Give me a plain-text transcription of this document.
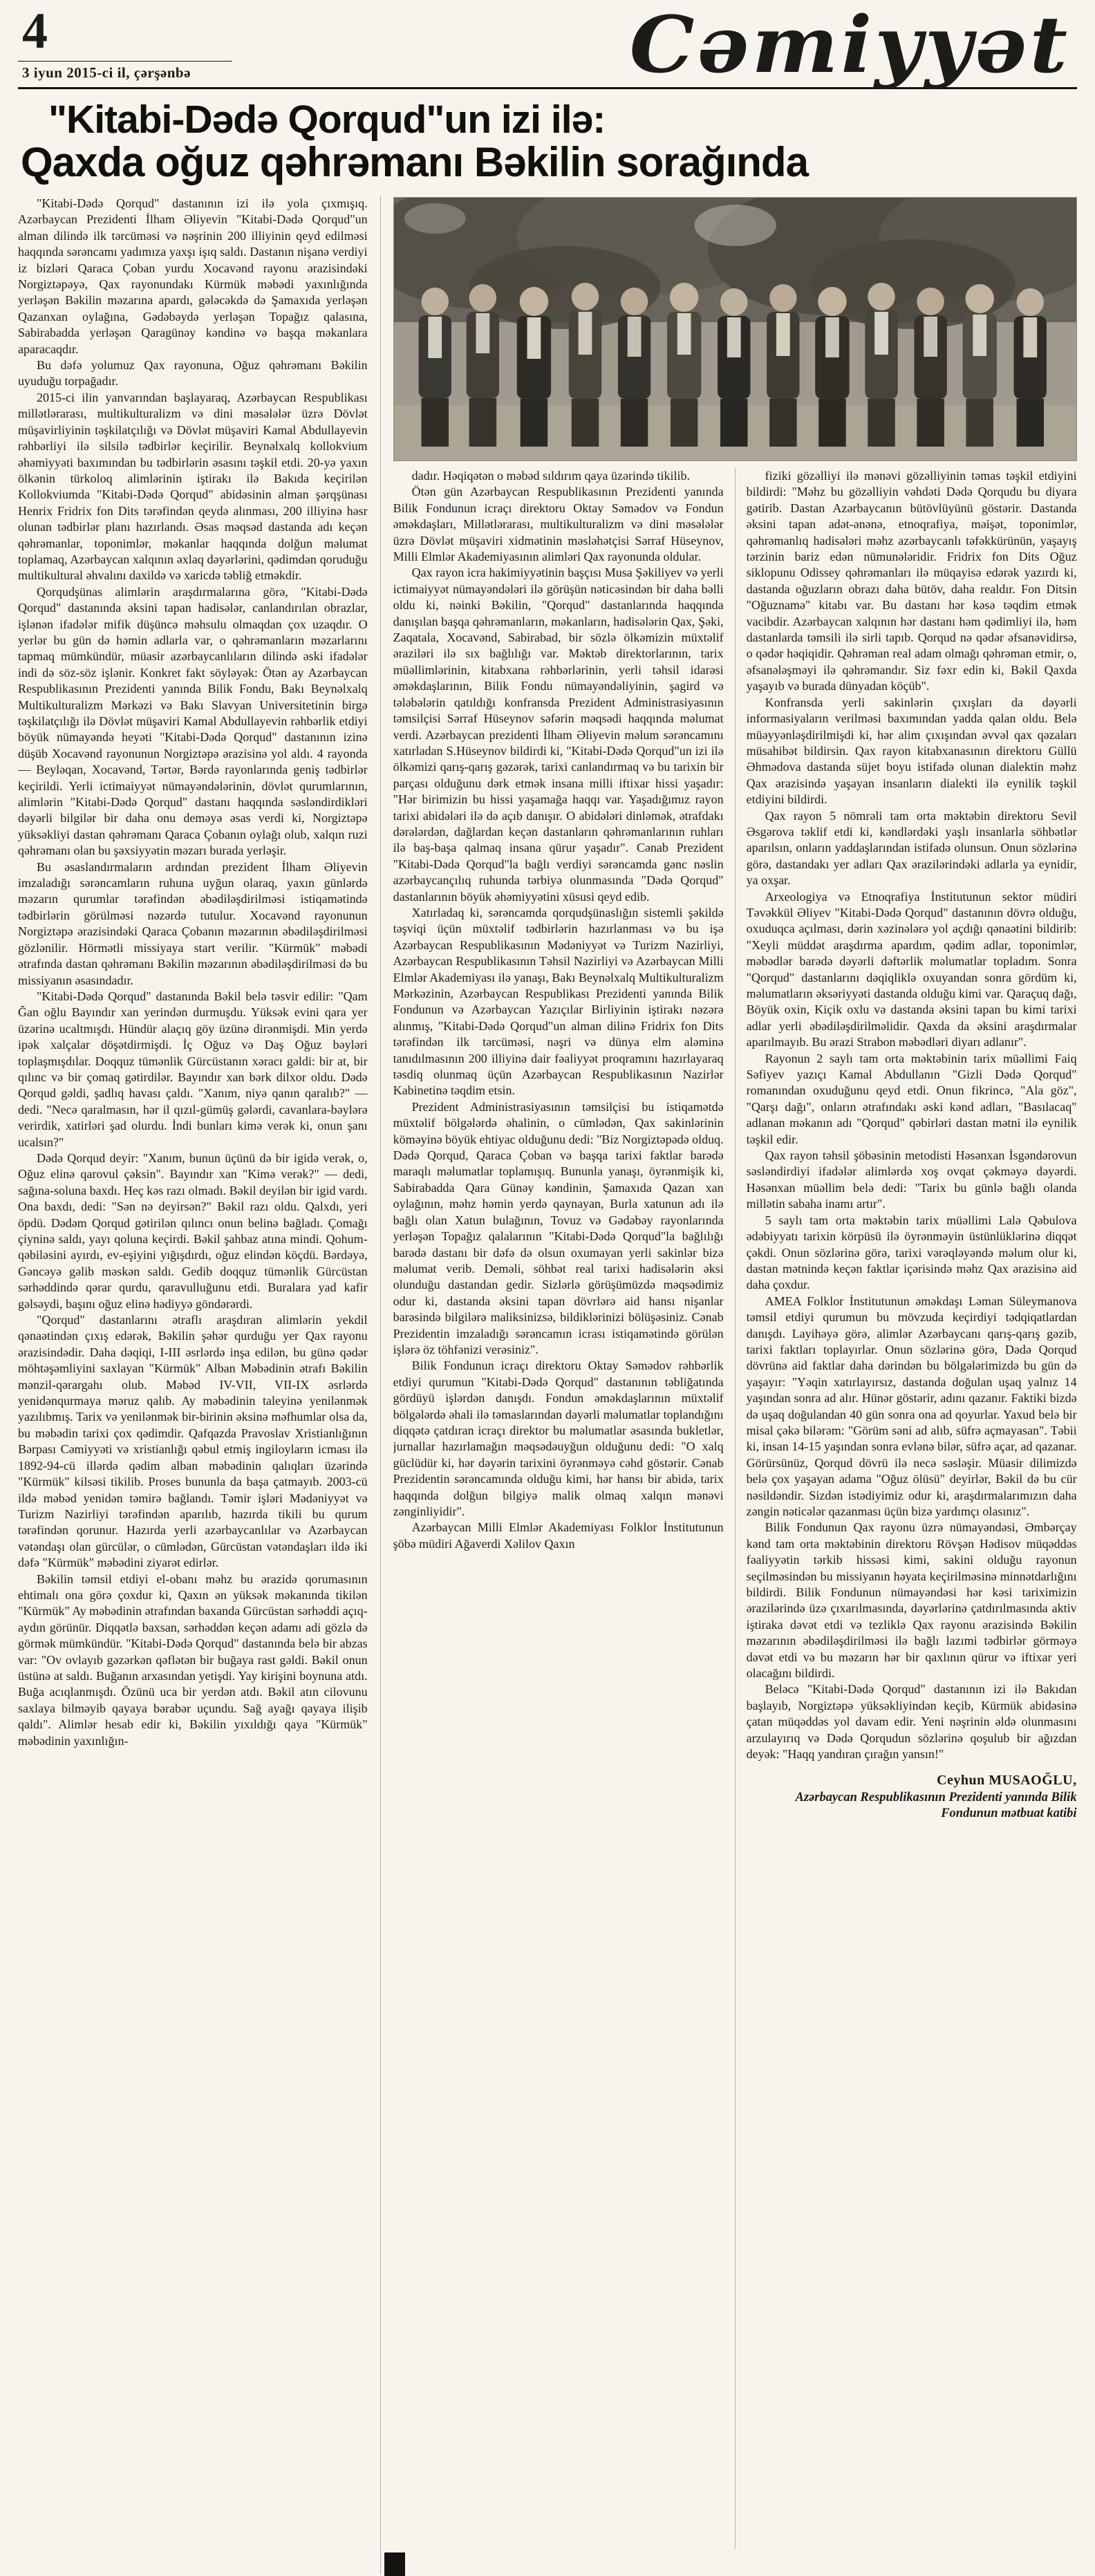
4
3 iyun 2015-ci il, çərşənbə	Cəmiyyət
"Kitabi-Dədə Qorqud"un izi ilə:
Qaxda oğuz qəhrəmanı Bəkilin sorağında

"Kitabi-Dədə Qorqud" dastanının izi ilə yola çıxmışıq. Azərbaycan Prezidenti İlham Əliyevin "Kitabi-Dədə Qorqud"un alman dilində ilk tərcüməsi və nəşrinin 200 illiyinin qeyd edilməsi haqqında sərəncamı yadımıza yaxşı işıq saldı. Dastanın nişanə verdiyi iz bizləri Qaraca Çoban yurdu Xocavənd rayonu ərazisindəki Norgiztəpəyə, Qax rayonundakı Kürmük məbədi yaxınlığında yerləşən Bəkilin məzarına apardı, gələcəkdə də Şamaxıda yerləşən Qazanxan oylağına, Gədəbəydə yerləşən Topağız qalasına, Sabirabadda yerləşən Qaragünəy kəndinə və başqa məkanlara aparacaqdır.

Bu dəfə yolumuz Qax rayonuna, Oğuz qəhrəmanı Bəkilin uyuduğu torpağadır.

2015-ci ilin yanvarından başlayaraq, Azərbaycan Respublikası millətlərarası, multikulturalizm və dini məsələlər üzrə Dövlət müşavirliyinin təşkilatçılığı və Dövlət müşaviri Kamal Abdullayevin rəhbərliyi ilə silsilə tədbirlər keçirilir. Beynəlxalq kollokvium əhəmiyyəti baxımından bu tədbirlərin əsasını təşkil etdi. 20-yə yaxın ölkənin türkoloq alimlərinin iştirakı ilə Bakıda keçirilən Kollokviumda "Kitabi-Dədə Qorqud" abidəsinin alman şərqşünası Henrix Fridrix fon Dits tərəfindən qeydə alınması, 200 illiyinə həsr olunan tədbirlər planı hazırlandı. Əsas məqsəd dastanda adı keçən qəhrəmanlar, toponimlər, məkanlar haqqında dolğun məlumat toplamaq, Azərbaycan xalqının əxlaq dəyərlərini, qədimdən qoruduğu multikultural əhvalını daxildə və xaricdə təbliğ etməkdir.

Qorqudşünas alimlərin araşdırmalarına görə, "Kitabi-Dədə Qorqud" dastanında əksini tapan hadisələr, canlandırılan obrazlar, işlənən ifadələr mifik düşüncə məhsulu olmaqdan çox uzaqdır. O yerlər bu gün də həmin adlarla var, o qəhrəmanların məzarlarını tapmaq mümkündür, müasir azərbaycanlıların dilində əski ifadələr indi də söz-söz işlənir. Konkret fakt söyləyək: Ötən ay Azərbaycan Respublikasının Prezidenti yanında Bilik Fondu, Bakı Beynəlxalq Multikulturalizm Mərkəzi və Bakı Slavyan Universitetinin birgə təşkilatçılığı ilə Dövlət müşaviri Kamal Abdullayevin rəhbərlik etdiyi böyük nümayəndə heyəti "Kitabi-Dədə Qorqud" dastanının izinə düşüb Xocavənd rayonunun Norgiztəpə ərazisinə yol aldı. 4 rayonda — Beyləqan, Xocavənd, Tərtər, Bərdə rayonlarında geniş tədbirlər keçirildi. Yerli ictimaiyyət nümayəndələrinin, dövlət qurumlarının, alimlərin "Kitabi-Dədə Qorqud" dastanı haqqında səsləndirdikləri dəyərli bilgilər bir daha onu deməyə əsas verdi ki, Norgiztəpə yüksəkliyi dastan qəhrəmanı Qaraca Çobanın oylağı olub, xalqın ruzi qəhrəmanı olan bu şəxsiyyətin məzarı burada yerləşir.

Bu əsaslandırmaların ardından prezident İlham Əliyevin imzaladığı sərəncamların ruhuna uyğun olaraq, yaxın günlərdə məzarın qurumlar tərəfindən əbədiləşdirilməsi istiqamətində tədbirlərin görülməsi nəzərdə tutulur. Xocavənd rayonunun Norgiztəpə ərazisindəki Qaraca Çobanın məzarının əbədiləşdirilməsi gözlənilir. Hörmətli missiyaya start verilir. "Kürmük" məbədi ətrafında dastan qəhrəmanı Bəkilin məzarının əbədiləşdirilməsi də bu missiyanın əsasındadır.

"Kitabi-Dədə Qorqud" dastanında Bəkil belə təsvir edilir: "Qam Ğan oğlu Bayındır xan yerindən durmuşdu. Yüksək evini qara yer üzərinə ucaltmışdı. Hündür alaçıq göy üzünə dirənmişdi. Min yerdə ipək xalçalar döşətdirmişdi. İç Oğuz və Daş Oğuz bəyləri toplaşmışdılar. Doqquz tümənlik Gürcüstanın xəracı gəldi: bir at, bir qılınc və bir çomaq gətirdilər. Bayındır xan bərk dilxor oldu. Dədə Qorqud gəldi, şadlıq havası çaldı. "Xanım, niyə qanın qaralıb?" — dedi. "Necə qaralmasın, hər il qızıl-gümüş gələrdi, cavanlara-bəylərə verirdik, xatirləri şad olurdu. İndi bunları kimə verək ki, onun şanı ucalsın?"

Dədə Qorqud deyir: "Xanım, bunun üçünü də bir igidə verək, o, Oğuz elinə qarovul çəksin". Bayındır xan "Kimə verək?" — dedi, sağına-soluna baxdı. Heç kəs razı olmadı. Bəkil deyilən bir igid vardı. Ona baxdı, dedi: "Sən nə deyirsən?" Bəkil razı oldu. Qalxdı, yeri öpdü. Dədəm Qorqud gətirilən qılıncı onun belinə bağladı. Çomağı çiyninə saldı, yayı qoluna keçirdi. Bəkil şahbaz atına mindi. Qohum-qəbiləsini ayırdı, ev-eşiyini yığışdırdı, oğuz elindən köçdü. Bərdəyə, Gəncəyə gəlib məskən saldı. Gedib doqquz tümənlik Gürcüstan sərhəddində qərar qurdu, qaravulluğunu etdi. Buralara yad kafir gəlsəydi, başını oğuz elinə hədiyyə göndərərdi.

"Qorqud" dastanlarını ətraflı araşdıran alimlərin yekdil qənaətindən çıxış edərək, Bəkilin şəhər qurduğu yer Qax rayonu ərazisindədir. Daha dəqiqi, I-III əsrlərdə inşa edilən, bu günə qədər möhtəşəmliyini saxlayan "Kürmük" Alban Məbədinin ətrafı Bəkilin mənzil-qərargahı olub. Məbəd IV-VII, VII-IX əsrlərdə yenidənqurmaya məruz qalıb. Ay məbədinin taleyinə yenilənmək yazılıbmış. Tarix və yenilənmək bir-birinin əksinə məfhumlar olsa da, bu məbədin tarixi çox qədimdir. Qafqazda Pravoslav Xristianlığının Bərpası Cəmiyyəti və xristianlığı qəbul etmiş ingiloyların icması ilə 1892-94-cü illərdə qədim alban məbədinin qalıqları üzərində "Kürmük" kilsəsi tikilib. Proses bununla da başa çatmayıb. 2003-cü ildə məbəd yenidən təmirə bağlandı. Təmir işləri Mədəniyyət və Turizm Nazirliyi tərəfindən aparılıb, hazırda tikili bu qurum tərəfindən qorunur. Hazırda yerli azərbaycanlılar və Azərbaycan vətəndaşı olan gürcülər, o cümlədən, Gürcüstan vətəndaşları ildə iki dəfə "Kürmük" məbədini ziyarət edirlər.

Bəkilin təmsil etdiyi el-obanı məhz bu ərazidə qorumasının ehtimalı ona görə çoxdur ki, Qaxın ən yüksək məkanında tikilən "Kürmük" Ay məbədinin ətrafından baxanda Gürcüstan sərhəddi açıq-aydın görünür. Diqqətlə baxsan, sərhəddən keçən adamı adi gözlə də görmək mümkündür. "Kitabi-Dədə Qorqud" dastanında belə bir abzas var: "Ov ovlayıb gəzərkən qəflətən bir buğaya rast gəldi. Bəkil onun üstünə at saldı. Buğanın arxasından yetişdi. Yay kirişini boynuna atdı. Buğa acıqlanmışdı. Özünü uca bir yerdən atdı. Bəkil atın cilovunu saxlaya bilməyib qayaya bərabər uçundu. Sağ ayağı qayaya ilişib qaldı". Alimlər hesab edir ki, Bəkilin yıxıldığı qaya "Kürmük" məbədinin yaxınlığın-

dadır. Həqiqətən o məbəd sıldırım qaya üzərində tikilib.

Ötən gün Azərbaycan Respublikasının Prezidenti yanında Bilik Fondunun icraçı direktoru Oktay Səmədov və Fondun əməkdaşları, Millətlərarası, multikulturalizm və dini məsələlər üzrə Dövlət müşaviri xidmətinin məsləhətçisi Sərraf Hüseynov, Milli Elmlər Akademiyasının alimləri Qax rayonunda oldular.

Qax rayon icra hakimiyyətinin başçısı Musa Şəkiliyev və yerli ictimaiyyət nümayəndələri ilə görüşün nəticəsindən bir daha bəlli oldu ki, nəinki Bəkilin, "Qorqud" dastanlarında haqqında danışılan başqa qəhrəmanların, məkanların, hadisələrin Qax, Şəki, Zaqatala, Xocavənd, Sabirabad, bir sözlə ölkəmizin müxtəlif əraziləri ilə sıx bağlılığı var. Məktəb direktorlarının, tarix müəllimlərinin, kitabxana rəhbərlərinin, yerli təhsil idarəsi əməkdaşlarının, Bilik Fondu nümayəndəliyinin, şagird və tələbələrin qatıldığı konfransda Prezident Administrasiyasının təmsilçisi Sərraf Hüseynov səfərin məqsədi haqqında məlumat verdi. Azərbaycan prezidenti İlham Əliyevin məlum sərəncamını xatırladan S.Hüseynov bildirdi ki, "Kitabi-Dədə Qorqud"un izi ilə ölkəmizi qarış-qarış gəzərək, tarixi canlandırmaq və bu tarixin bir parçası olduğunu dərk etmək insana milli iftixar hissi yaşadır: "Hər birimizin bu hissi yaşamağa haqqı var. Yaşadığımız rayon tarixi abidələri ilə də açıb danışır. O abidələri dinləmək, ətrafdakı dərələrdən, dağlardan keçən dastanların qəhrəmanlarının ruhları ilə baş-başa qalmaq insana qürur yaşadır". Cənab Prezident "Kitabi-Dədə Qorqud"la bağlı verdiyi sərəncamda gənc nəslin azərbaycançılıq ruhunda tərbiyə olunmasında "Dədə Qorqud" dastanlarının böyük əhəmiyyətini xüsusi qeyd edib.

Xatırladaq ki, sərəncamda qorqudşünaslığın sistemli şəkildə təşviqi üçün müxtəlif tədbirlərin hazırlanması və bu işə Azərbaycan Respublikasının Mədəniyyət və Turizm Nazirliyi, Azərbaycan Respublikasının Təhsil Nazirliyi və Azərbaycan Milli Elmlər Akademiyası ilə yanaşı, Bakı Beynəlxalq Multikulturalizm Mərkəzinin, Azərbaycan Respublikası Prezidenti yanında Bilik Fondunun və Azərbaycan Yazıçılar Birliyinin iştirakı nəzərə alınmış, "Kitabi-Dədə Qorqud"un alman dilinə Fridrix fon Dits tərəfindən ilk tərcüməsi, nəşri və dünya elm aləminə tanıdılmasının 200 illiyinə dair fəaliyyət proqramını hazırlayaraq təsdiq olunmaq üçün Azərbaycan Respublikasının Nazirlər Kabinetinə təqdim etsin.

Prezident Administrasiyasının təmsilçisi bu istiqamətdə müxtəlif bölgələrdə əhalinin, o cümlədən, Qax sakinlərinin köməyinə böyük ehtiyac olduğunu dedi: "Biz Norgiztəpədə olduq. Dədə Qorqud, Qaraca Çoban və başqa tarixi faktlar barədə maraqlı məlumatlar toplamışıq. Bununla yanaşı, öyrənmişik ki, Sabirabadda Qara Günəy kəndinin, Şamaxıda Qazan xan oylağının, məhz həmin yerdə qaynayan, Burla xatunun adı ilə bağlı olan Xatun bulağının, Tovuz və Gədəbəy rayonlarında yerləşən Topağız qalalarının "Kitabi-Dədə Qorqud"la bağlılığı barədə dastanı bir dəfə də olsun oxumayan yerli sakinlər bizə məlumat verib. Deməli, söhbət real tarixi hadisələrin əksi olunduğu dastandan gedir. Sizlərlə görüşümüzdə məqsədimiz odur ki, dastanda əksini tapan dövrlərə aid hansı nişanlar barəsində bilgilərə maliksinizsə, bildiklərinizi bölüşəsiniz. Cənab Prezidentin imzaladığı sərəncamın icrası istiqamətində görülən işlərə öz töhfənizi verəsiniz".

Bilik Fondunun icraçı direktoru Oktay Səmədov rəhbərlik etdiyi qurumun "Kitabi-Dədə Qorqud" dastanının təbliğatında gördüyü işlərdən danışdı. Fondun əməkdaşlarının müxtəlif bölgələrdə əhali ilə təmaslarından dəyərli məlumatlar toplandığını diqqətə çatdıran icraçı direktor bu məlumatlar əsasında bukletlər, jurnallar hazırlamağın məqsədəuyğun olduğunu dedi: "O xalq güclüdür ki, hər dəyərin tarixini öyrənməyə cəhd göstərir. Cənab Prezidentin sərəncamında olduğu kimi, hər hansı bir abidə, tarix haqqında dolğun bilgiyə malik olmaq xalqın mənəvi zənginliyidir".

Azərbaycan Milli Elmlər Akademiyası Folklor İnstitutunun şöbə müdiri Ağaverdi Xəlilov Qaxın

fiziki gözəlliyi ilə mənəvi gözəlliyinin təmas təşkil etdiyini bildirdi: "Məhz bu gözəlliyin vəhdəti Dədə Qorqudu bu diyara gətirib. Dastan Azərbaycanın bütövlüyünü göstərir. Dastanda əksini tapan adət-ənənə, etnoqrafiya, məişət, toponimlər, qəhrəmanlıq hadisələri məhz azərbaycanlı təfəkkürünün, yaşayış tərzinin bariz edən nümunələridir. Fridrix fon Dits Oğuz siklopunu Odissey qəhrəmanları ilə müqayisə edərək yazırdı ki, dastanda oğuzların obrazı daha bütöv, daha realdır. Fon Ditsin "Oğuznamə" kitabı var. Bu dastanı hər kəsə təqdim etmək vacibdir. Azərbaycan xalqının hər dastanı həm qədimliyi ilə, həm dastanlarda təmsili ilə sirli tapıb. Qorqud nə qədər əfsanəvidirsə, o qədər həqiqidir. Qəhrəman real adam olmağı qəhrəman etmir, o, əfsanələşməyi ilə qəhrəmandır. Siz fəxr edin ki, Bəkil Qaxda yaşayıb və burada dünyadan köçüb".

Konfransda yerli sakinlərin çıxışları da dəyərli informasiyaların verilməsi baxımından yadda qalan oldu. Belə müəyyənləşdirilmişdi ki, hər alim çıxışından əvvəl qax qəzaları müsahibət bildirsin. Qax rayon kitabxanasının direktoru Güllü Əhmədova dastanda süjet boyu istifadə olunan dialektin məhz Qax ərazisində yaşayan insanların dialekti ilə eynilik təşkil etdiyini bildirdi.

Qax rayon 5 nömrəli tam orta məktəbin direktoru Sevil Əsgərova təklif etdi ki, kəndlərdəki yaşlı insanlarla söhbətlər aparılsın, onların yaddaşlarından istifadə olunsun. Onun sözlərinə görə, dastandakı yer adları Qax ərazilərindəki adlarla ya eynidir, ya oxşar.

Arxeologiya və Etnoqrafiya İnstitutunun sektor müdiri Təvəkkül Əliyev "Kitabi-Dədə Qorqud" dastanının dövrə olduğu, oxuduqca açılması, dərin xəzinələrə yol açdığı qənaətini bildirib: "Xeyli müddət araşdırma apardım, qədim adlar, toponimlər, məbədlər barədə dəyərli dəftərlik məlumatlar topladım. Sonra "Qorqud" dastanlarını dəqiqliklə oxuyandan sonra gördüm ki, məlumatların əksəriyyəti dastanda olduğu kimi var. Qaraçuq dağı, Böyük oxin, Kiçik oxlu və dastanda əksini tapan bu kimi tarixi adlar yerli əbədiləşdirilməlidir. Qaxda da əksini araşdırmalar aparılmayıb. Bu ərazi Strabon məbədləri diyarı adlanır".

Rayonun 2 saylı tam orta məktəbinin tarix müəllimi Faiq Səfiyev yazıçı Kamal Abdullanın "Gizli Dədə Qorqud" romanından oxuduğunu qeyd etdi. Onun fikrincə, "Ala göz", "Qarşı dağı", onların ətrafındakı əski kənd adları, "Basılacaq" adlanan məkanın adı "Qorqud" qəbirləri dastan mətni ilə eynilik təşkil edir.

Qax rayon təhsil şöbəsinin metodisti Həsənxan İsgəndərovun səsləndirdiyi ifadələr alimlərdə xoş ovqat çəkməyə dəyərdi. Həsənxan müəllim belə dedi: "Tarix bu günlə bağlı olanda millətin sabaha inamı artır".

5 saylı tam orta məktəbin tarix müəllimi Lalə Qəbulova ədəbiyyatı tarixin körpüsü ilə öyrənməyin üstünlüklərinə diqqət çəkdi. Onun sözlərinə görə, tarixi vərəqləyəndə məlum olur ki, dastan mətnində keçən faktlar içərisində məhz Qax ərazisinə aid daha çoxdur.

AMEA Folklor İnstitutunun əməkdaşı Ləman Süleymanova təmsil etdiyi qurumun bu mövzuda keçirdiyi tədqiqatlardan danışdı. Layihəyə görə, alimlər Azərbaycanı qarış-qarış gəzib, tarixi faktları toplayırlar. Onun sözlərinə görə, Dədə Qorqud dövrünə aid faktlar daha dərindən bu bölgələrimizdə bu gün də yaşayır: "Yəqin xatırlayırsız, dastanda doğulan uşaq yalnız 14 yaşından sonra ad alır. Hünər göstərir, adını qazanır. Faktiki bizdə də uşaq doğulandan 40 gün sonra ona ad qoyurlar. Yaxud belə bir misal çəkə bilərəm: "Görüm səni ad alıb, süfrə açmayasan". Təbii ki, insan 14-15 yaşından sonra evlənə bilər, süfrə açar, ad qazanar. Görürsünüz, Qorqud dövrü ilə necə səsləşir. Müasir dilimizdə belə çox yaşayan adama "Oğuz ölüsü" deyirlər, Bəkil də bu cür nəsildəndir. Sizdən istədiyimiz odur ki, araşdırmalarımızın daha zəngin nəticələr qazanması üçün bizə yardımçı olasınız".

Bilik Fondunun Qax rayonu üzrə nümayəndəsi, Əmbərçay kənd tam orta məktəbinin direktoru Rövşən Hədisov müqəddəs fəaliyyətin tərkib hissəsi kimi, sakini olduğu rayonun seçilməsindən bu missiyanın həyata keçirilməsinə minnətdarlığını bildirdi. Bilik Fondunun nümayəndəsi hər kəsi tariximizin ərazilərində üzə çıxarılmasında, dəyərlərinə çatdırılmasında aktiv iştiraka dəvət etdi və tezliklə Qax rayonu ərazisində Bəkilin məzarının əbədiləşdirilməsi ilə bağlı lazımi tədbirlər görməyə dəvət etdi və bu məzarın hər bir qaxlının qürur və iftixar yeri olacağını bildirdi.

Beləcə "Kitabi-Dədə Qorqud" dastanının izi ilə Bakıdan başlayıb, Norgiztəpə yüksəkliyindən keçib, Kürmük abidəsinə çatan müqəddəs yol davam edir. Yeni nəşrinin əldə olunmasını arzulayırıq və Dədə Qorqudun sözlərinə qoşulub bir ağızdan deyək: "Haqq yandıran çırağın yansın!"

Ceyhun MUSAOĞLU,
Azərbaycan Respublikasının Prezidenti yanında Bilik Fondunun mətbuat katibi
